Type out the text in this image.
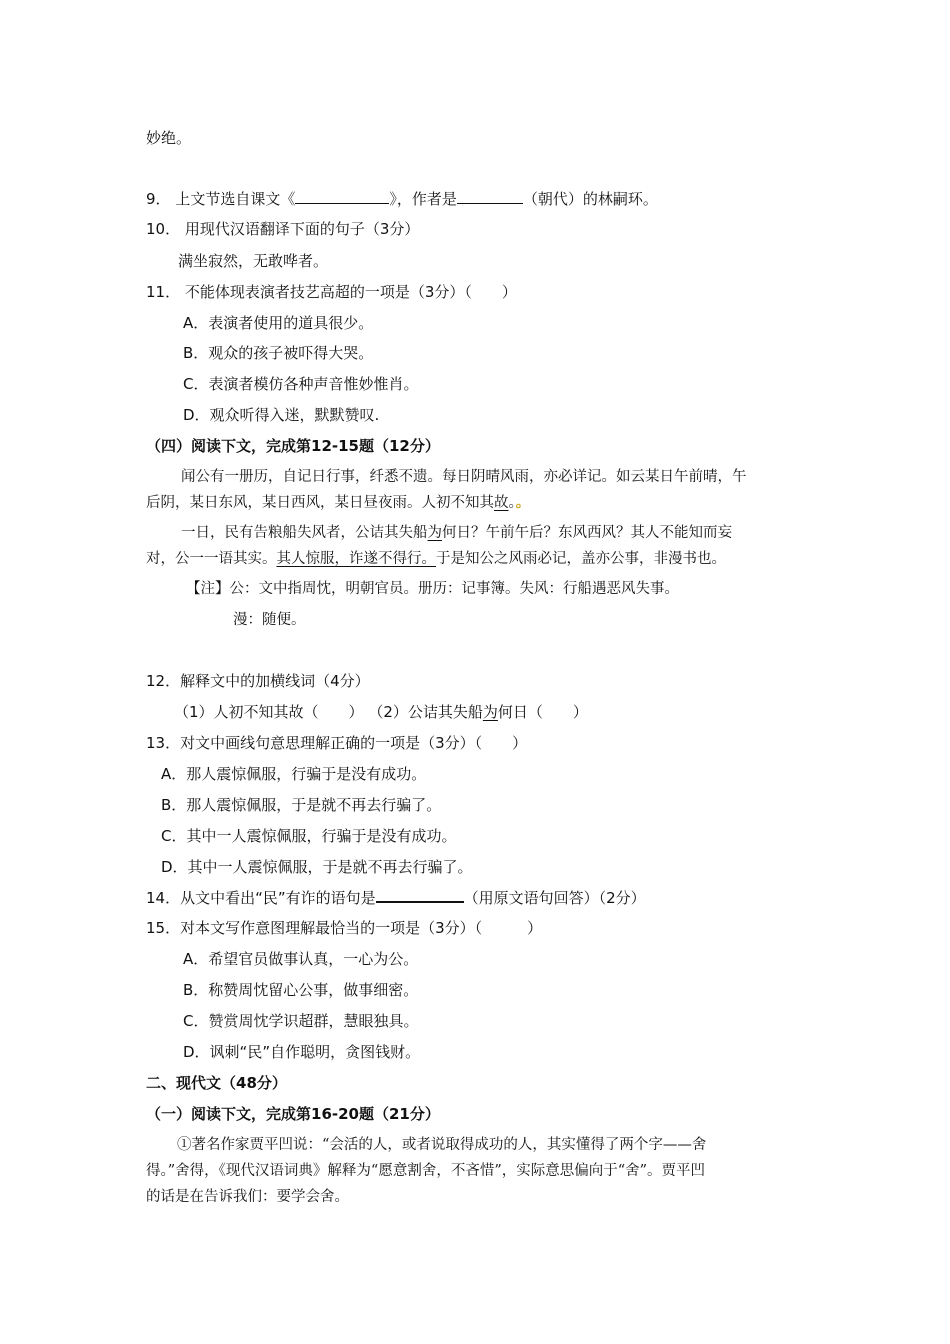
妙绝。
9． 上文节选自课文《	》，作者是	（朝代）的林嗣环。
10． 用现代汉语翻译下面的句子（3分）
满坐寂然，无敢哗者。
11． 不能体现表演者技艺高超的一项是（3分）（　　）
A．表演者使用的道具很少。
B．观众的孩子被吓得大哭。
C．表演者模仿各种声音惟妙惟肖。
D．观众听得入迷，默默赞叹.
（四）阅读下文，完成第12-15题（12分）
闻公有一册历，自记日行事，纤悉不遗。每日阴晴风雨，亦必详记。如云某日午前晴，午
后阴，某日东风，某日西风，某日昼夜雨。人初不知其故。。
一日，民有告粮船失风者，公诘其失船为何日？午前午后？东风西风？其人不能知而妄
对，公一一语其实。其人惊服，诈遂不得行。于是知公之风雨必记，盖亦公事，非漫书也。
【注】公：文中指周忱，明朝官员。册历：记事簿。失风：行船遇恶风失事。
漫：随便。
12．解释文中的加横线词（4分）
（1）人初不知其故（　　） （2）公诘其失船为何日（　　）
13．对文中画线句意思理解正确的一项是（3分）（　　）
A．那人震惊佩服，行骗于是没有成功。
B．那人震惊佩服，于是就不再去行骗了。
C．其中一人震惊佩服，行骗于是没有成功。
D．其中一人震惊佩服，于是就不再去行骗了。
14．从文中看出“民”有诈的语句是	（用原文语句回答）（2分）
15．对本文写作意图理解最恰当的一项是（3分）（　　　）
A．希望官员做事认真，一心为公。
B．称赞周忱留心公事，做事细密。
C．赞赏周忱学识超群，慧眼独具。
D．讽刺“民”自作聪明，贪图钱财。
二、现代文（48分）
（一）阅读下文，完成第16-20题（21分）
①著名作家贾平凹说：“会活的人，或者说取得成功的人，其实懂得了两个字——舍
得。”舍得，《现代汉语词典》解释为“愿意割舍，不吝惜”，实际意思偏向于“舍”。贾平凹
的话是在告诉我们：要学会舍。
